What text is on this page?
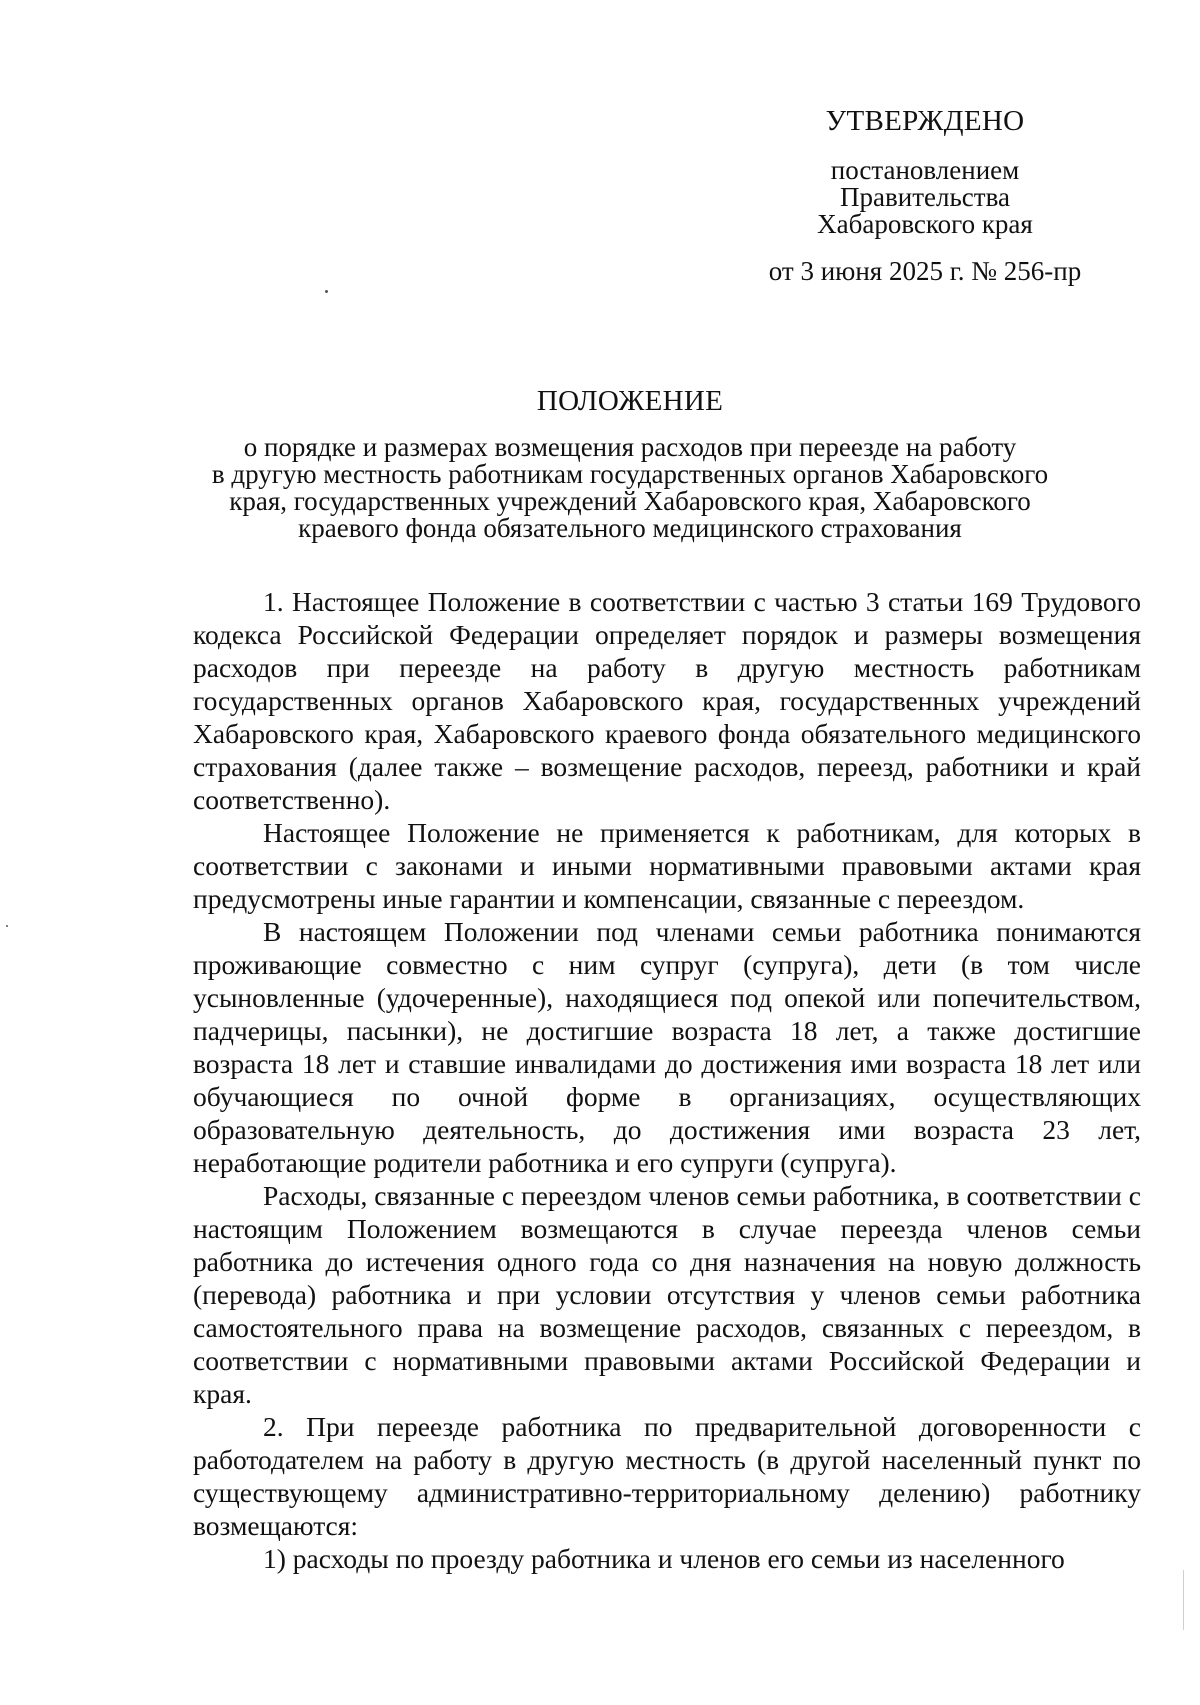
УТВЕРЖДЕНО

постановлением

Правительства

Хабаровского края

от 3 июня 2025 г. № 256-пр

ПОЛОЖЕНИЕ

о порядке и размерах возмещения расходов при переезде на работу

в другую местность работникам государственных органов Хабаровского

края, государственных учреждений Хабаровского края, Хабаровского

краевого фонда обязательного медицинского страхования

1. Настоящее Положение в соответствии с частью 3 статьи 169 Трудового кодекса Российской Федерации определяет порядок и размеры возмещения расходов при переезде на работу в другую местность работникам государственных органов Хабаровского края, государственных учреждений Хабаровского края, Хабаровского краевого фонда обязательного медицинского страхования (далее также – возмещение расходов, переезд, работники и край соответственно).

Настоящее Положение не применяется к работникам, для которых в соответствии с законами и иными нормативными правовыми актами края предусмотрены иные гарантии и компенсации, связанные с переездом.

В настоящем Положении под членами семьи работника понимаются проживающие совместно с ним супруг (супруга), дети (в том числе усыновленные (удочеренные), находящиеся под опекой или попечительством, падчерицы, пасынки), не достигшие возраста 18 лет, а также достигшие возраста 18 лет и ставшие инвалидами до достижения ими возраста 18 лет или обучающиеся по очной форме в организациях, осуществляющих образовательную деятельность, до достижения ими возраста 23 лет, неработающие родители работника и его супруги (супруга).

Расходы, связанные с переездом членов семьи работника, в соответствии с настоящим Положением возмещаются в случае переезда членов семьи работника до истечения одного года со дня назначения на новую должность (перевода) работника и при условии отсутствия у членов семьи работника самостоятельного права на возмещение расходов, связанных с переездом, в соответствии с нормативными правовыми актами Российской Федерации и края.

2. При переезде работника по предварительной договоренности с работодателем на работу в другую местность (в другой населенный пункт по существующему административно-территориальному делению) работнику возмещаются:

1) расходы по проезду работника и членов его семьи из населенного
